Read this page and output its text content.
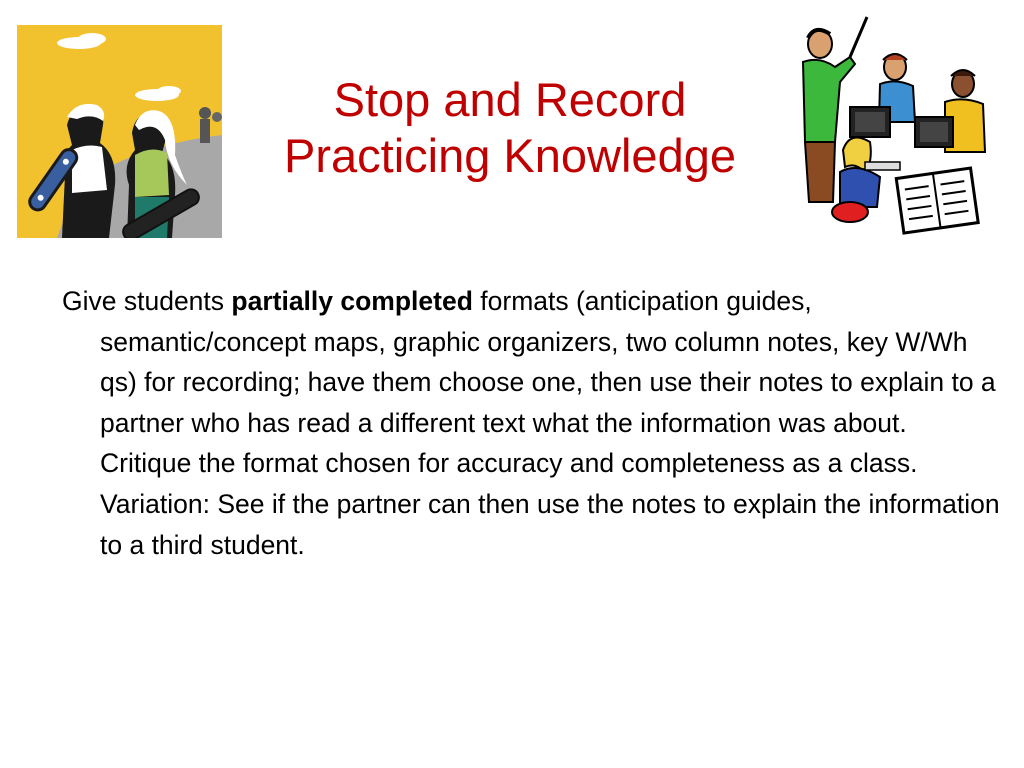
Stop and Record
Practicing Knowledge

Give students partially completed formats (anticipation guides, semantic/concept maps, graphic organizers, two column notes, key W/Wh qs) for recording; have them choose one, then use their notes to explain to a partner who has read a different text what the information was about. Critique the format chosen for accuracy and completeness as a class. Variation: See if the partner can then use the notes to explain the information to a third student.
